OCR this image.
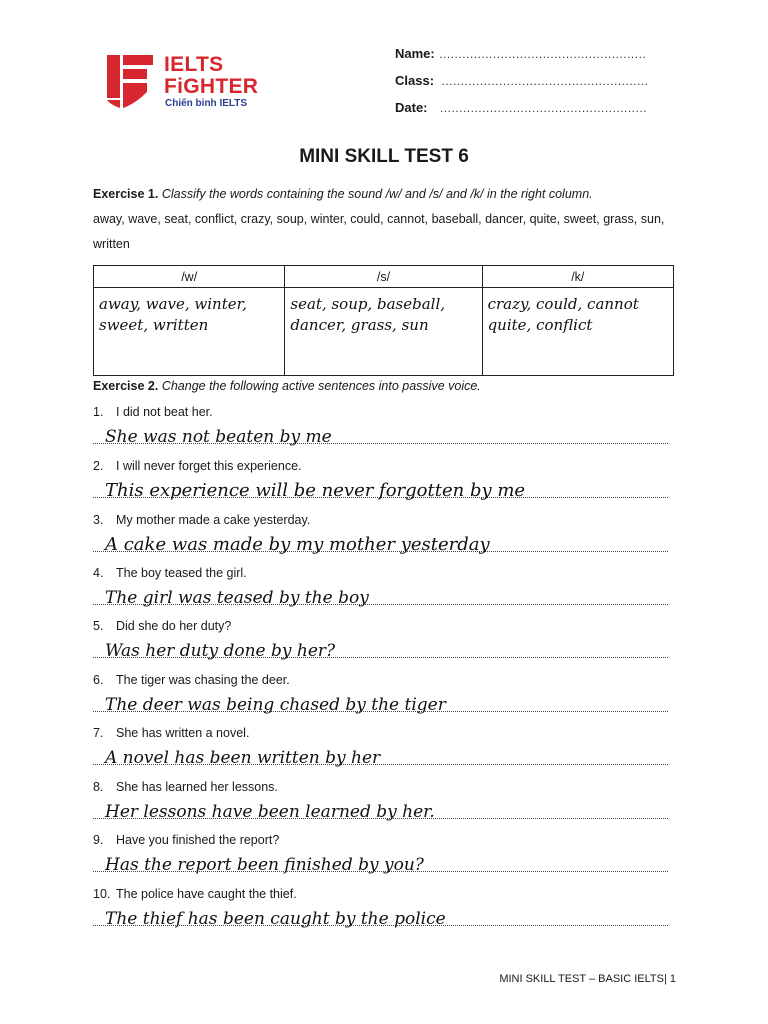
IELTS
FiGHTER
Chiến binh IELTS
Name: ......................................................
Class: ......................................................
Date: ......................................................
MINI SKILL TEST 6
Exercise 1. Classify the words containing the sound /w/ and /s/ and /k/ in the right column.
away, wave, seat, conflict, crazy, soup, winter, could, cannot, baseball, dancer, quite, sweet, grass, sun, written
/w/	/s/	/k/

away, wave, winter, sweet, written	seat, soup, baseball, dancer, grass, sun	crazy, could, cannot quite, conflict
Exercise 2. Change the following active sentences into passive voice.
1. I did not beat her.
She was not beaten by me
2. I will never forget this experience.
This experience will be never forgotten by me
3. My mother made a cake yesterday.
A cake was made by my mother yesterday
4. The boy teased the girl.
The girl was teased by the boy
5. Did she do her duty?
Was her duty done by her?
6. The tiger was chasing the deer.
The deer was being chased by the tiger
7. She has written a novel.
A novel has been written by her
8. She has learned her lessons.
Her lessons have been learned by her.
9. Have you finished the report?
Has the report been finished by you?
10. The police have caught the thief.
The thief has been caught by the police
MINI SKILL TEST – BASIC IELTS| 1
